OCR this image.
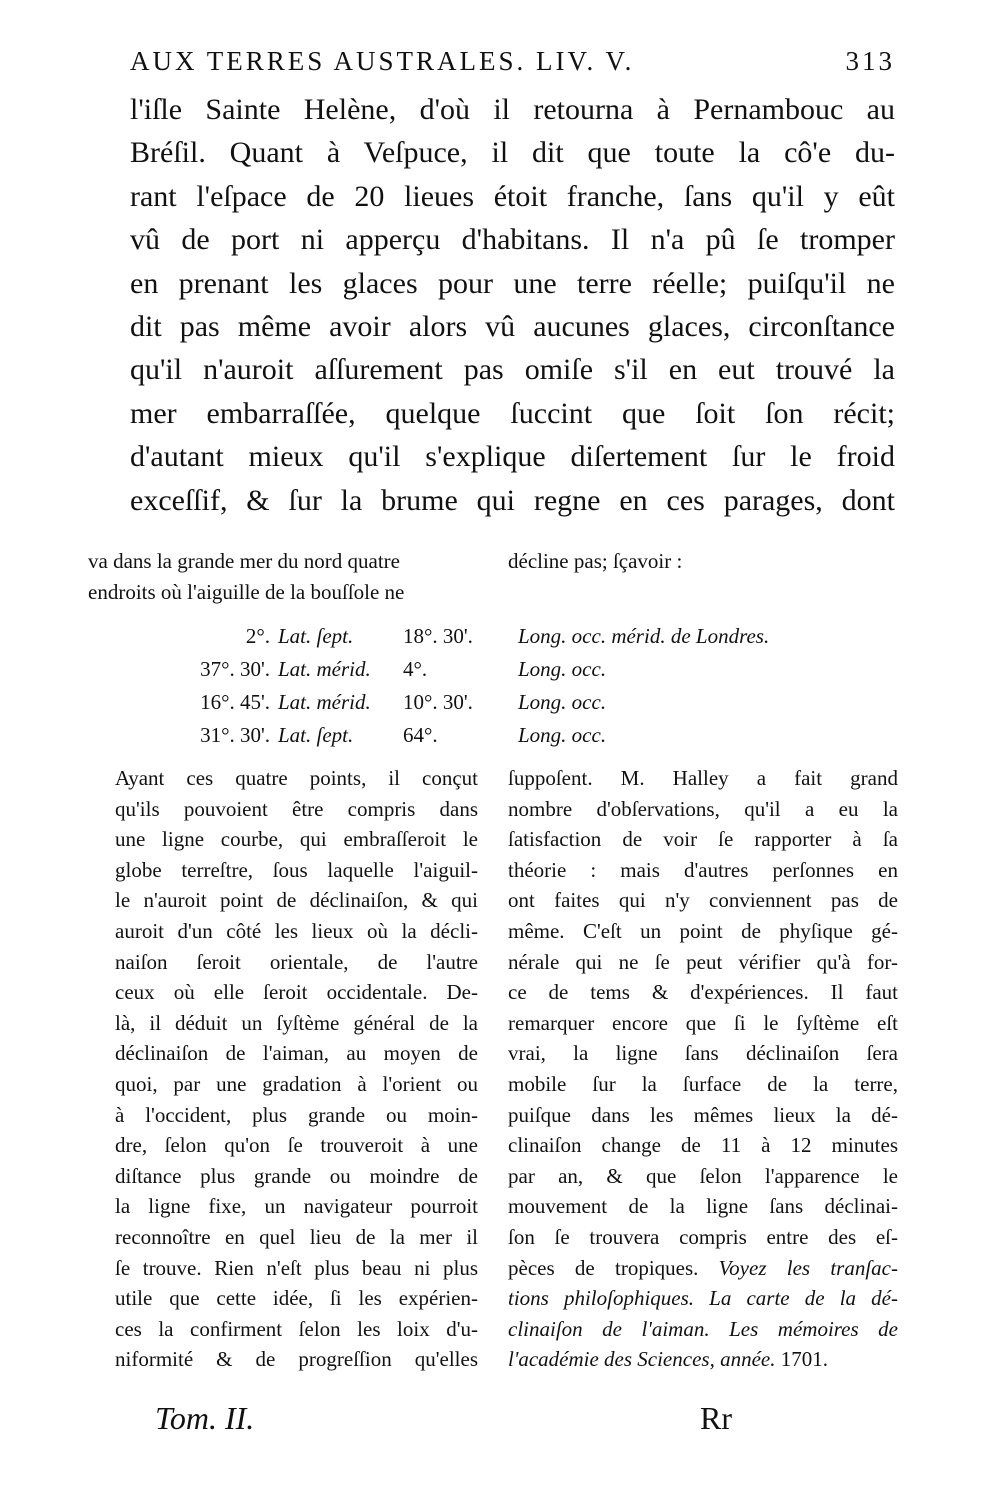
AUX TERRES AUSTRALES. LIV. V.	313
l'iſle Sainte Helène, d'où il retourna à Pernambouc au
Bréſil. Quant à Veſpuce, il dit que toute la cô'e du-
rant l'eſpace de 20 lieues étoit franche, ſans qu'il y eût
vû de port ni apperçu d'habitans. Il n'a pû ſe tromper
en prenant les glaces pour une terre réelle; puiſqu'il ne
dit pas même avoir alors vû aucunes glaces, circonſtance
qu'il n'auroit aſſurement pas omiſe s'il en eut trouvé la
mer embarraſſée, quelque ſuccint que ſoit ſon récit;
d'autant mieux qu'il s'explique diſertement ſur le froid
exceſſif, & ſur la brume qui regne en ces parages, dont
va dans la grande mer du nord quatre
endroits où l'aiguille de la bouſſole ne
décline pas; ſçavoir :
2°. Lat. ſept.	18°. 30'.	Long. occ. mérid. de Londres.
37°. 30'. Lat. mérid.	4°.	Long. occ.
16°. 45'. Lat. mérid.	10°. 30'.	Long. occ.
31°. 30'. Lat. ſept.	64°.	Long. occ.
Ayant ces quatre points, il conçut
qu'ils pouvoient être compris dans
une ligne courbe, qui embraſſeroit le
globe terreſtre, ſous laquelle l'aiguil-
le n'auroit point de déclinaiſon, & qui
auroit d'un côté les lieux où la décli-
naiſon ſeroit orientale, de l'autre
ceux où elle ſeroit occidentale. De-
là, il déduit un ſyſtème général de la
déclinaiſon de l'aiman, au moyen de
quoi, par une gradation à l'orient ou
à l'occident, plus grande ou moin-
dre, ſelon qu'on ſe trouveroit à une
diſtance plus grande ou moindre de
la ligne fixe, un navigateur pourroit
reconnoître en quel lieu de la mer il
ſe trouve. Rien n'eſt plus beau ni plus
utile que cette idée, ſi les expérien-
ces la confirment ſelon les loix d'u-
niformité & de progreſſion qu'elles
ſuppoſent. M. Halley a fait grand
nombre d'obſervations, qu'il a eu la
ſatisfaction de voir ſe rapporter à ſa
théorie : mais d'autres perſonnes en
ont faites qui n'y conviennent pas de
même. C'eſt un point de phyſique gé-
nérale qui ne ſe peut vérifier qu'à for-
ce de tems & d'expériences. Il faut
remarquer encore que ſi le ſyſtème eſt
vrai, la ligne ſans déclinaiſon ſera
mobile ſur la ſurface de la terre,
puiſque dans les mêmes lieux la dé-
clinaiſon change de 11 à 12 minutes
par an, & que ſelon l'apparence le
mouvement de la ligne ſans déclinai-
ſon ſe trouvera compris entre des eſ-
pèces de tropiques. Voyez les tranſac-
tions philoſophiques. La carte de la dé-
clinaiſon de l'aiman. Les mémoires de
l'académie des Sciences, année. 1701.
Tom. II.	Rr
